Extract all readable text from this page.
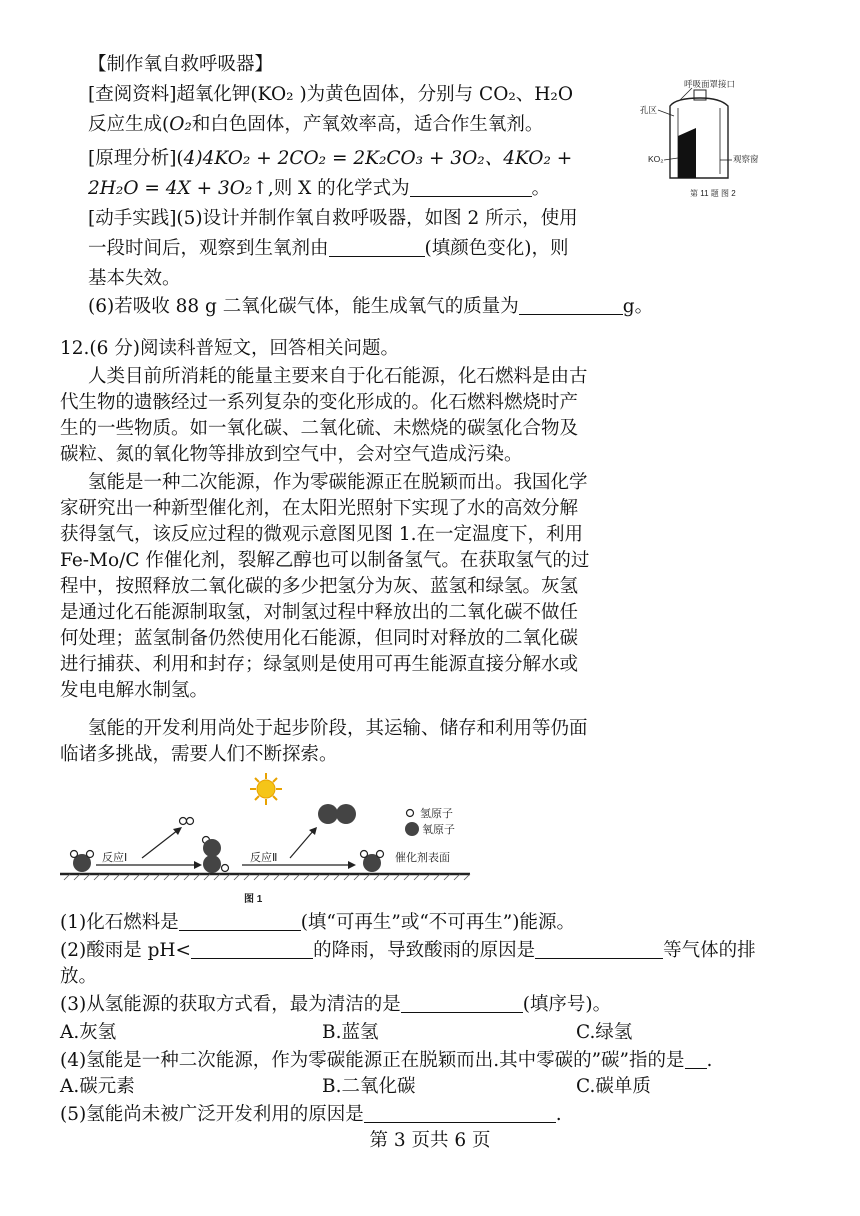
【制作氧自救呼吸器】
[查阅资料]超氧化钾(KO₂ )为黄色固体，分别与 CO₂、H₂O
反应生成(O₂和白色固体，产氧效率高，适合作生氧剂。
[原理分析](4)4KO₂ + 2CO₂ = 2K₂CO₃ + 3O₂、4KO₂ +
2H₂O = 4X + 3O₂↑,则 X 的化学式为	。
[动手实践](5)设计并制作氧自救呼吸器，如图 2 所示，使用
一段时间后，观察到生氧剂由	(填颜色变化)，则
基本失效。
(6)若吸收 88 g 二氧化碳气体，能生成氧气的质量为	g。
呼吸面罩接口
孔区
KO₂	观察窗
第 11 题 图 2
12.(6 分)阅读科普短文，回答相关问题。
人类目前所消耗的能量主要来自于化石能源，化石燃料是由古
代生物的遗骸经过一系列复杂的变化形成的。化石燃料燃烧时产
生的一些物质。如一氧化碳、二氧化硫、未燃烧的碳氢化合物及
碳粒、氮的氧化物等排放到空气中，会对空气造成污染。
氢能是一种二次能源，作为零碳能源正在脱颖而出。我国化学
家研究出一种新型催化剂，在太阳光照射下实现了水的高效分解
获得氢气，该反应过程的微观示意图见图 1.在一定温度下，利用
Fe-Mo/C 作催化剂，裂解乙醇也可以制备氢气。在获取氢气的过
程中，按照释放二氧化碳的多少把氢分为灰、蓝氢和绿氢。灰氢
是通过化石能源制取氢，对制氢过程中释放出的二氧化碳不做任
何处理；蓝氢制备仍然使用化石能源，但同时对释放的二氧化碳
进行捕获、利用和封存；绿氢则是使用可再生能源直接分解水或
发电电解水制氢。
氢能的开发利用尚处于起步阶段，其运输、储存和利用等仍面
临诸多挑战，需要人们不断探索。
氢原子
氧原子
反应Ⅰ	反应Ⅱ	催化剂表面
图 1
(1)化石燃料是	(填“可再生”或“不可再生”)能源。
(2)酸雨是 pH<	的降雨，导致酸雨的原因是	等气体的排
放。
(3)从氢能源的获取方式看，最为清洁的是	(填序号)。
A.灰氢	B.蓝氢	C.绿氢
(4)氢能是一种二次能源，作为零碳能源正在脱颖而出.其中零碳的”碳”指的是 .
A.碳元素	B.二氧化碳	C.碳单质
(5)氢能尚未被广泛开发利用的原因是	.
第 3 页共 6 页
